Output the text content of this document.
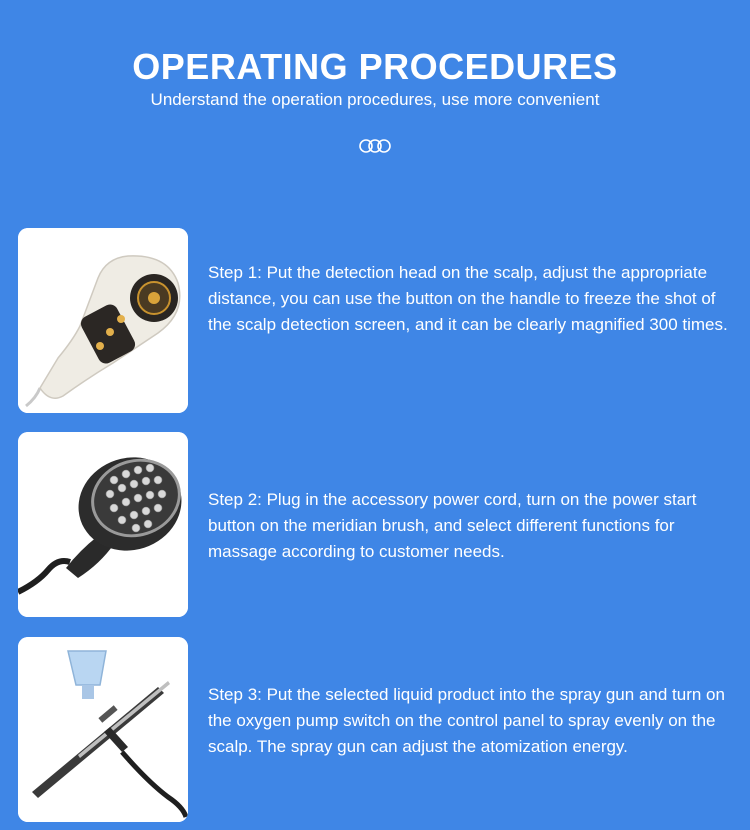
OPERATING PROCEDURES
Understand the operation procedures, use more convenient
Step 1: Put the detection head on the scalp, adjust the appropriate distance, you can use the button on the handle to freeze the shot of the scalp detection screen, and it can be clearly magnified 300 times.
Step 2: Plug in the accessory power cord, turn on the power start button on the meridian brush, and select different functions for massage according to customer needs.
Step 3: Put the selected liquid product into the spray gun and turn on the oxygen pump switch on the control panel to spray evenly on the scalp. The spray gun can adjust the atomization energy.
